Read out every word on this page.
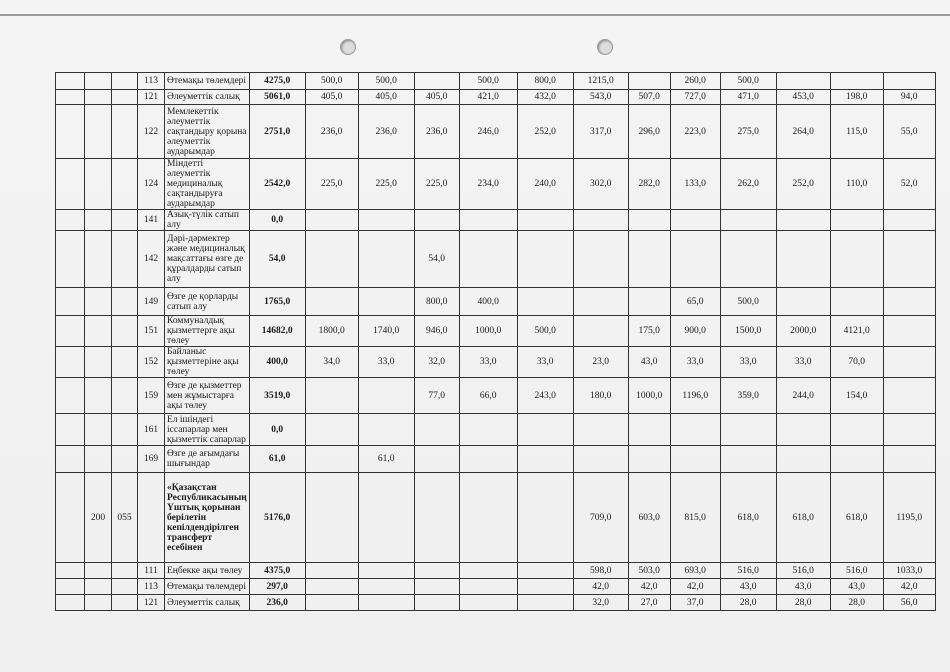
			113	Өтемақы төлемдері	4275,0	500,0	500,0		500,0	800,0	1215,0		260,0	500,0			
			121	Әлеуметтік салық	5061,0	405,0	405,0	405,0	421,0	432,0	543,0	507,0	727,0	471,0	453,0	198,0	94,0
			122	Мемлекеттік әлеуметтік сақтандыру қорына әлеуметтік аударымдар	2751,0	236,0	236,0	236,0	246,0	252,0	317,0	296,0	223,0	275,0	264,0	115,0	55,0
			124	Міндетті әлеуметтік медициналық сақтандыруға аударымдар	2542,0	225,0	225,0	225,0	234,0	240,0	302,0	282,0	133,0	262,0	252,0	110,0	52,0
			141	Азық-түлік сатып алу	0,0												
			142	Дәрі-дәрмектер және медициналық мақсаттағы өзге де құралдарды сатып алу	54,0			54,0									
			149	Өзге де қорларды сатып алу	1765,0			800,0	400,0				65,0	500,0			
			151	Коммуналдық қызметтерге ақы төлеу	14682,0	1800,0	1740,0	946,0	1000,0	500,0		175,0	900,0	1500,0	2000,0	4121,0	
			152	Байланыс қызметтеріне ақы төлеу	400,0	34,0	33,0	32,0	33,0	33,0	23,0	43,0	33,0	33,0	33,0	70,0	
			159	Өзге де қызметтер мен жұмыстарға ақы төлеу	3519,0			77,0	66,0	243,0	180,0	1000,0	1196,0	359,0	244,0	154,0	
			161	Ел ішіндегі іссапарлар мен қызметтік сапарлар	0,0												
			169	Өзге де ағымдағы шығындар	61,0		61,0										
	200	055		«Қазақстан Республикасының Үштық қорынан берілетін кепілдендірілген трансферт есебінен	5176,0						709,0	603,0	815,0	618,0	618,0	618,0	1195,0
			111	Еңбекке ақы төлеу	4375,0						598,0	503,0	693,0	516,0	516,0	516,0	1033,0
			113	Өтемақы төлемдері	297,0						42,0	42,0	42,0	43,0	43,0	43,0	42,0
			121	Әлеуметтік салық	236,0						32,0	27,0	37,0	28,0	28,0	28,0	56,0
